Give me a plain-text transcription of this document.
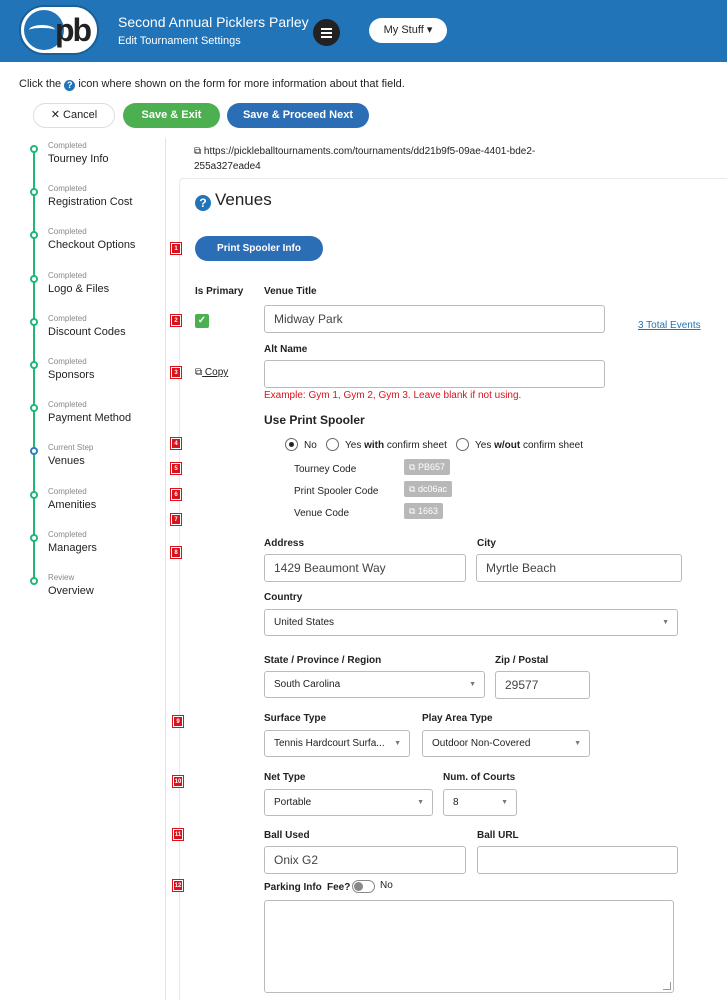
pb Second Annual Picklers Parley
Edit Tournament Settings
My Stuff ▾
Click the ? icon where shown on the form for more information about that field.
✕ Cancel	Save & Exit	Save & Proceed Next
Completed
Tourney Info
Completed
Registration Cost
Completed
Checkout Options
Completed
Logo & Files
Completed
Discount Codes
Completed
Sponsors
Completed
Payment Method
Current Step
Venues
Completed
Amenities
Completed
Managers
Review
Overview
⧉ https://pickleballtournaments.com/tournaments/dd21b9f5-09ae-4401-bde2-255a327eade4
? Venues
Print Spooler Info
1
2
3
4
5
6
7
8
9
10
11
12
Is Primary Venue Title
✓	Midway Park	3 Total Events
Alt Name
⧉ Copy
Example: Gym 1, Gym 2, Gym 3. Leave blank if not using.
Use Print Spooler
No	Yes with confirm sheet	Yes w/out confirm sheet
Tourney Code	⧉ PB657
Print Spooler Code	⧉ dc06ac
Venue Code	⧉ 1663
Address	City
1429 Beaumont Way	Myrtle Beach
Country
United States	▼
State / Province / Region	Zip / Postal
South Carolina	▼	29577
Surface Type	Play Area Type
Tennis Hardcourt Surfa... ▼	Outdoor Non-Covered	▼
Net Type	Num. of Courts
Portable	▼	8	▼
Ball Used	Ball URL
Onix G2
Parking Info Fee?	No
